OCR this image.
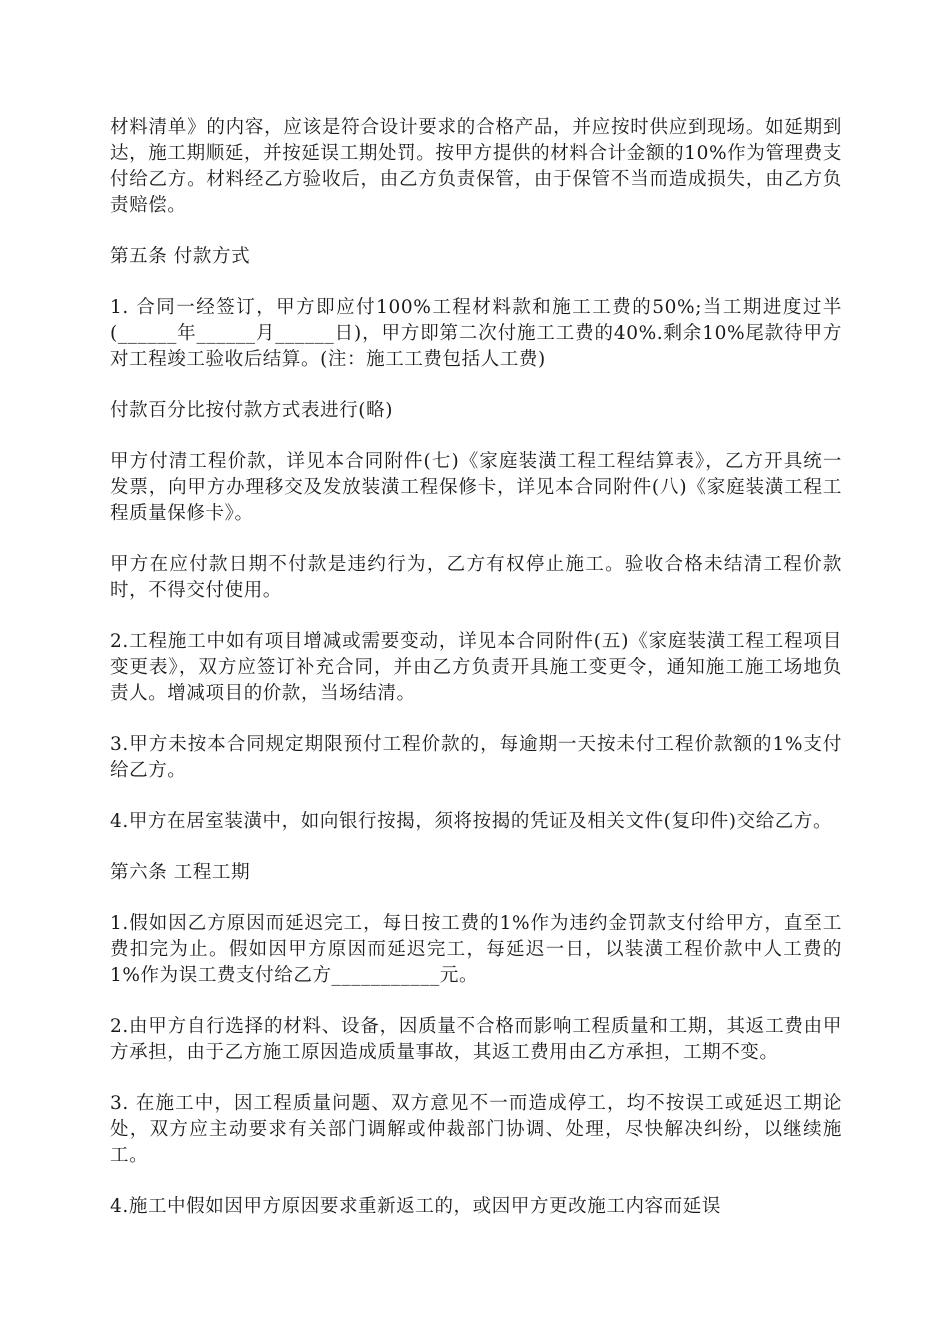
材料清单》的内容，应该是符合设计要求的合格产品，并应按时供应到现场。如延期到达，施工期顺延，并按延误工期处罚。按甲方提供的材料合计金额的10%作为管理费支付给乙方。材料经乙方验收后，由乙方负责保管，由于保管不当而造成损失，由乙方负责赔偿。

第五条 付款方式

1. 合同一经签订，甲方即应付100%工程材料款和施工工费的50%;当工期进度过半(______年______月______日)，甲方即第二次付施工工费的40%.剩余10%尾款待甲方对工程竣工验收后结算。(注：施工工费包括人工费)

付款百分比按付款方式表进行(略)

甲方付清工程价款，详见本合同附件(七)《家庭装潢工程工程结算表》，乙方开具统一发票，向甲方办理移交及发放装潢工程保修卡，详见本合同附件(八)《家庭装潢工程工程质量保修卡》。

甲方在应付款日期不付款是违约行为，乙方有权停止施工。验收合格未结清工程价款时，不得交付使用。

2.工程施工中如有项目增减或需要变动，详见本合同附件(五)《家庭装潢工程工程项目变更表》，双方应签订补充合同，并由乙方负责开具施工变更令，通知施工施工场地负责人。增减项目的价款，当场结清。

3.甲方未按本合同规定期限预付工程价款的，每逾期一天按未付工程价款额的1%支付给乙方。

4.甲方在居室装潢中，如向银行按揭，须将按揭的凭证及相关文件(复印件)交给乙方。

第六条 工程工期

1.假如因乙方原因而延迟完工，每日按工费的1%作为违约金罚款支付给甲方，直至工费扣完为止。假如因甲方原因而延迟完工，每延迟一日，以装潢工程价款中人工费的1%作为误工费支付给乙方___________元。

2.由甲方自行选择的材料、设备，因质量不合格而影响工程质量和工期，其返工费由甲方承担，由于乙方施工原因造成质量事故，其返工费用由乙方承担，工期不变。

3. 在施工中，因工程质量问题、双方意见不一而造成停工，均不按误工或延迟工期论处，双方应主动要求有关部门调解或仲裁部门协调、处理，尽快解决纠纷，以继续施工。

4.施工中假如因甲方原因要求重新返工的，或因甲方更改施工内容而延误
